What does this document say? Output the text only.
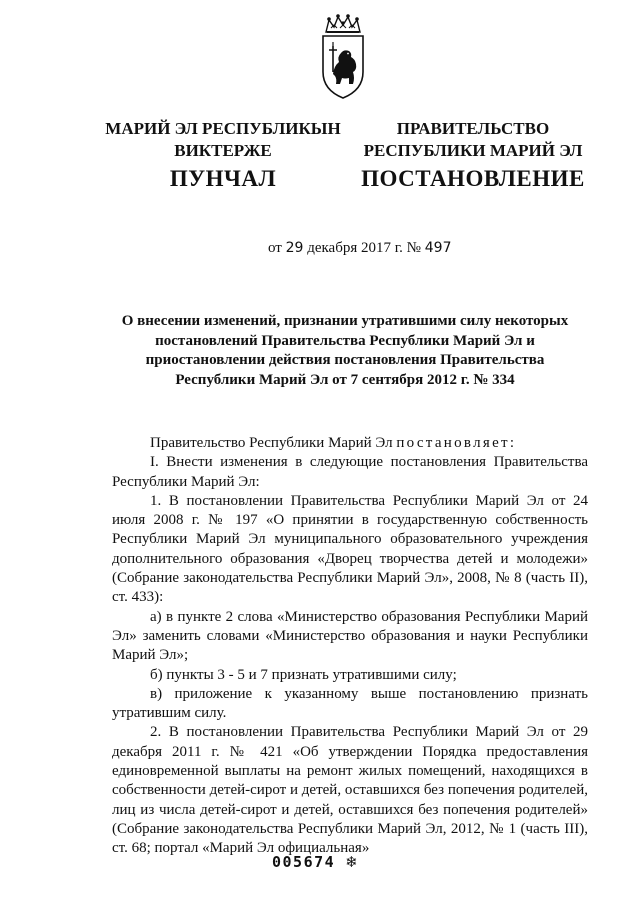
МАРИЙ ЭЛ РЕСПУБЛИКЫН
ВИКТЕРЖЕ
ПРАВИТЕЛЬСТВО
РЕСПУБЛИКИ МАРИЙ ЭЛ
ПУНЧАЛ	ПОСТАНОВЛЕНИЕ
от 29 декабря 2017 г. № 497
О внесении изменений, признании утратившими силу некоторых
постановлений Правительства Республики Марий Эл и
приостановлении действия постановления Правительства
Республики Марий Эл от 7 сентября 2012 г. № 334

Правительство Республики Марий Эл постановляет:

I. Внести изменения в следующие постановления Правительства Республики Марий Эл:

1. В постановлении Правительства Республики Марий Эл от 24 июля 2008 г. № 197 «О принятии в государственную собственность Республики Марий Эл муниципального образовательного учреждения дополнительного образования «Дворец творчества детей и молодежи» (Собрание законодательства Республики Марий Эл», 2008, № 8 (часть II), ст. 433):

а) в пункте 2 слова «Министерство образования Республики Марий Эл» заменить словами «Министерство образования и науки Республики Марий Эл»;

б) пункты 3 - 5 и 7 признать утратившими силу;

в) приложение к указанному выше постановлению признать утратившим силу.

2. В постановлении Правительства Республики Марий Эл от 29 декабря 2011 г. № 421 «Об утверждении Порядка предоставления единовременной выплаты на ремонт жилых помещений, находящихся в собственности детей-сирот и детей, оставшихся без попечения родителей, лиц из числа детей-сирот и детей, оставшихся без попечения родителей» (Собрание законодательства Республики Марий Эл, 2012, № 1 (часть III), ст. 68; портал «Марий Эл официальная»

005674 ❄
